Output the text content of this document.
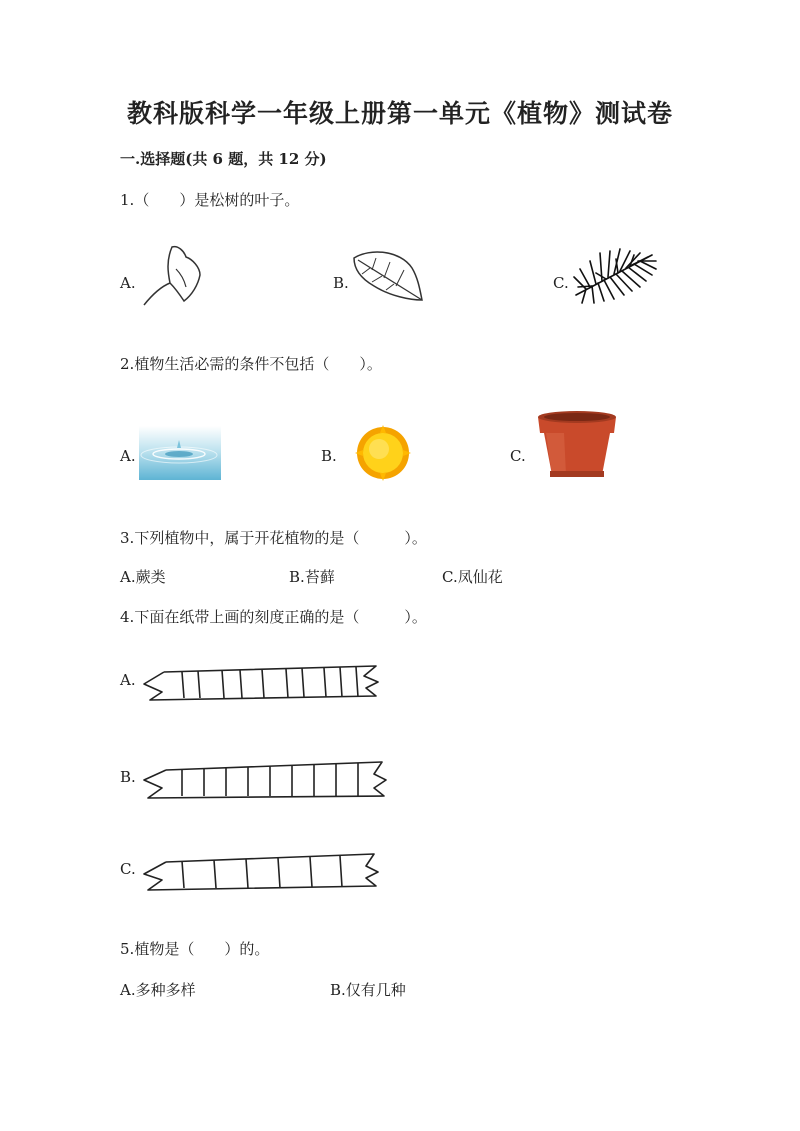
教科版科学一年级上册第一单元《植物》测试卷
一.选择题(共 6 题，共 12 分)
1.（　　）是松树的叶子。
A.	B.	C.
2.植物生活必需的条件不包括（　　）。
A.	B.	C.
3.下列植物中，属于开花植物的是（　　　）。
A.蕨类	B.苔藓	C.凤仙花
4.下面在纸带上画的刻度正确的是（　　　）。
A.
B.
C.
5.植物是（　　）的。
A.多种多样	B.仅有几种
